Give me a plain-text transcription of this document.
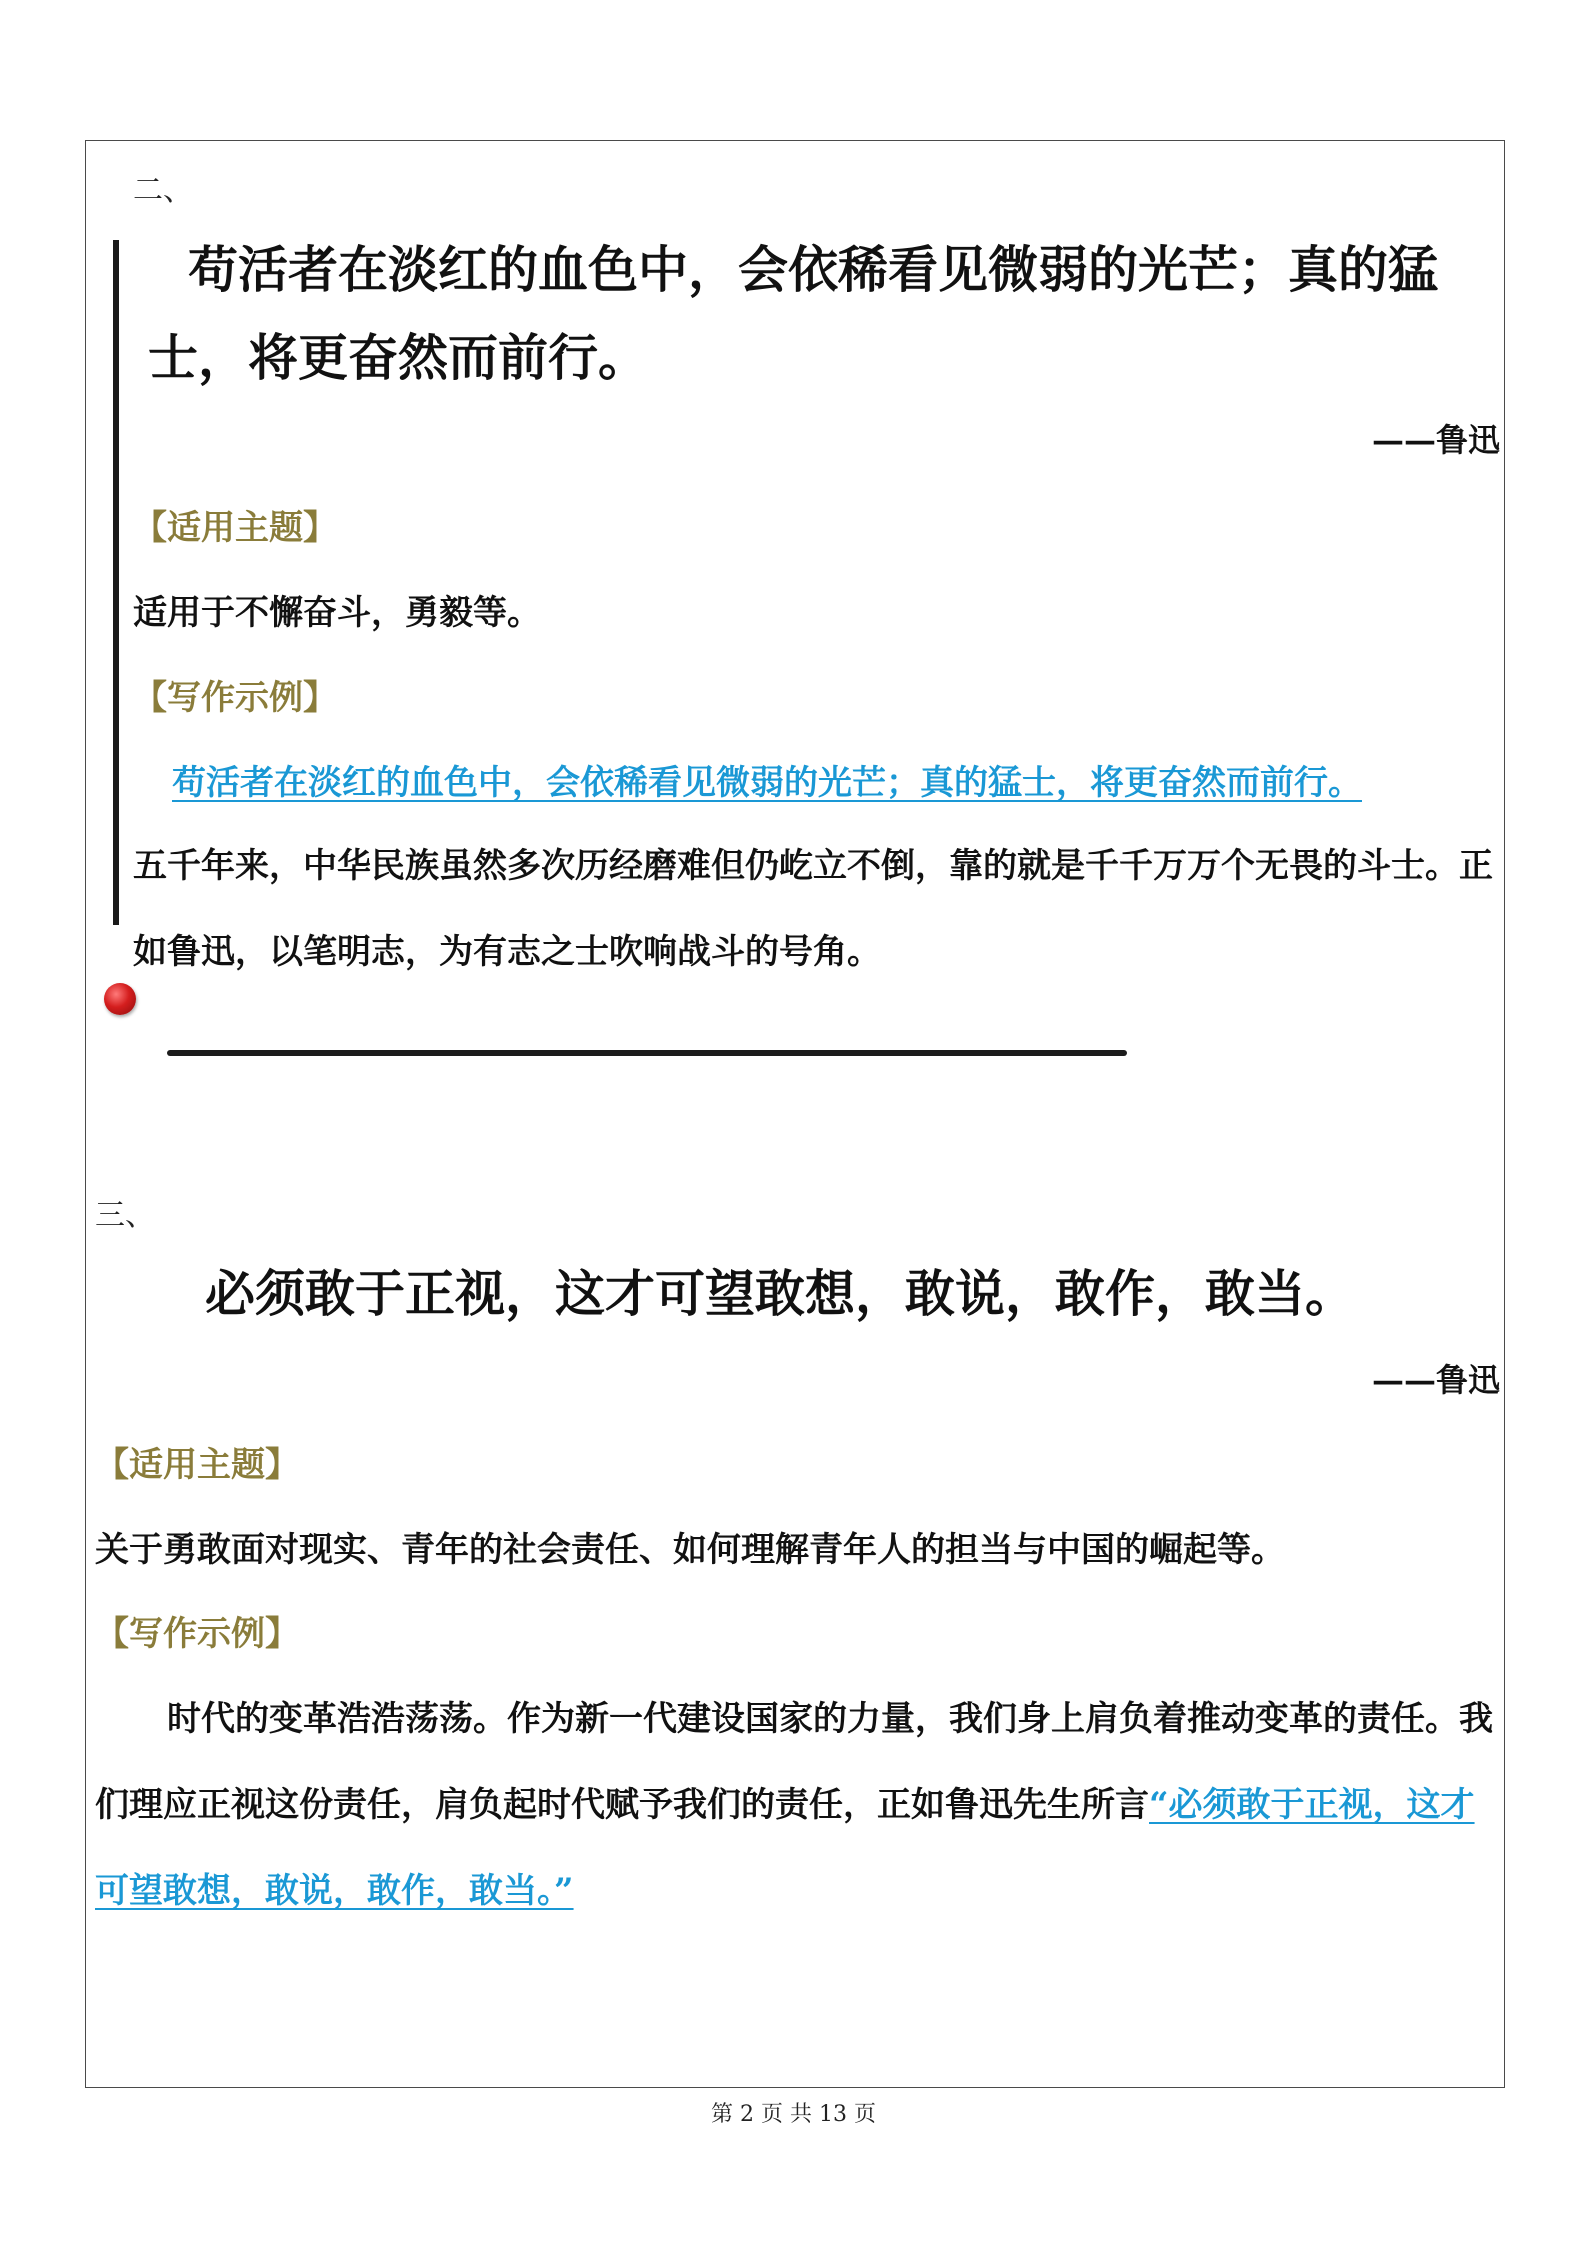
二、
苟活者在淡红的血色中，会依稀看见微弱的光芒；真的猛士，将更奋然而前行。
——鲁迅
【适用主题】
适用于不懈奋斗，勇毅等。
【写作示例】
苟活者在淡红的血色中，会依稀看见微弱的光芒；真的猛士，将更奋然而前行。
五千年来，中华民族虽然多次历经磨难但仍屹立不倒，靠的就是千千万万个无畏的斗士。正如鲁迅，以笔明志，为有志之士吹响战斗的号角。
三、
必须敢于正视，这才可望敢想，敢说，敢作，敢当。
——鲁迅
【适用主题】
关于勇敢面对现实、青年的社会责任、如何理解青年人的担当与中国的崛起等。
【写作示例】
时代的变革浩浩荡荡。作为新一代建设国家的力量，我们身上肩负着推动变革的责任。我们理应正视这份责任，肩负起时代赋予我们的责任，正如鲁迅先生所言“必须敢于正视，这才可望敢想，敢说，敢作，敢当。”
第 2 页 共 13 页
